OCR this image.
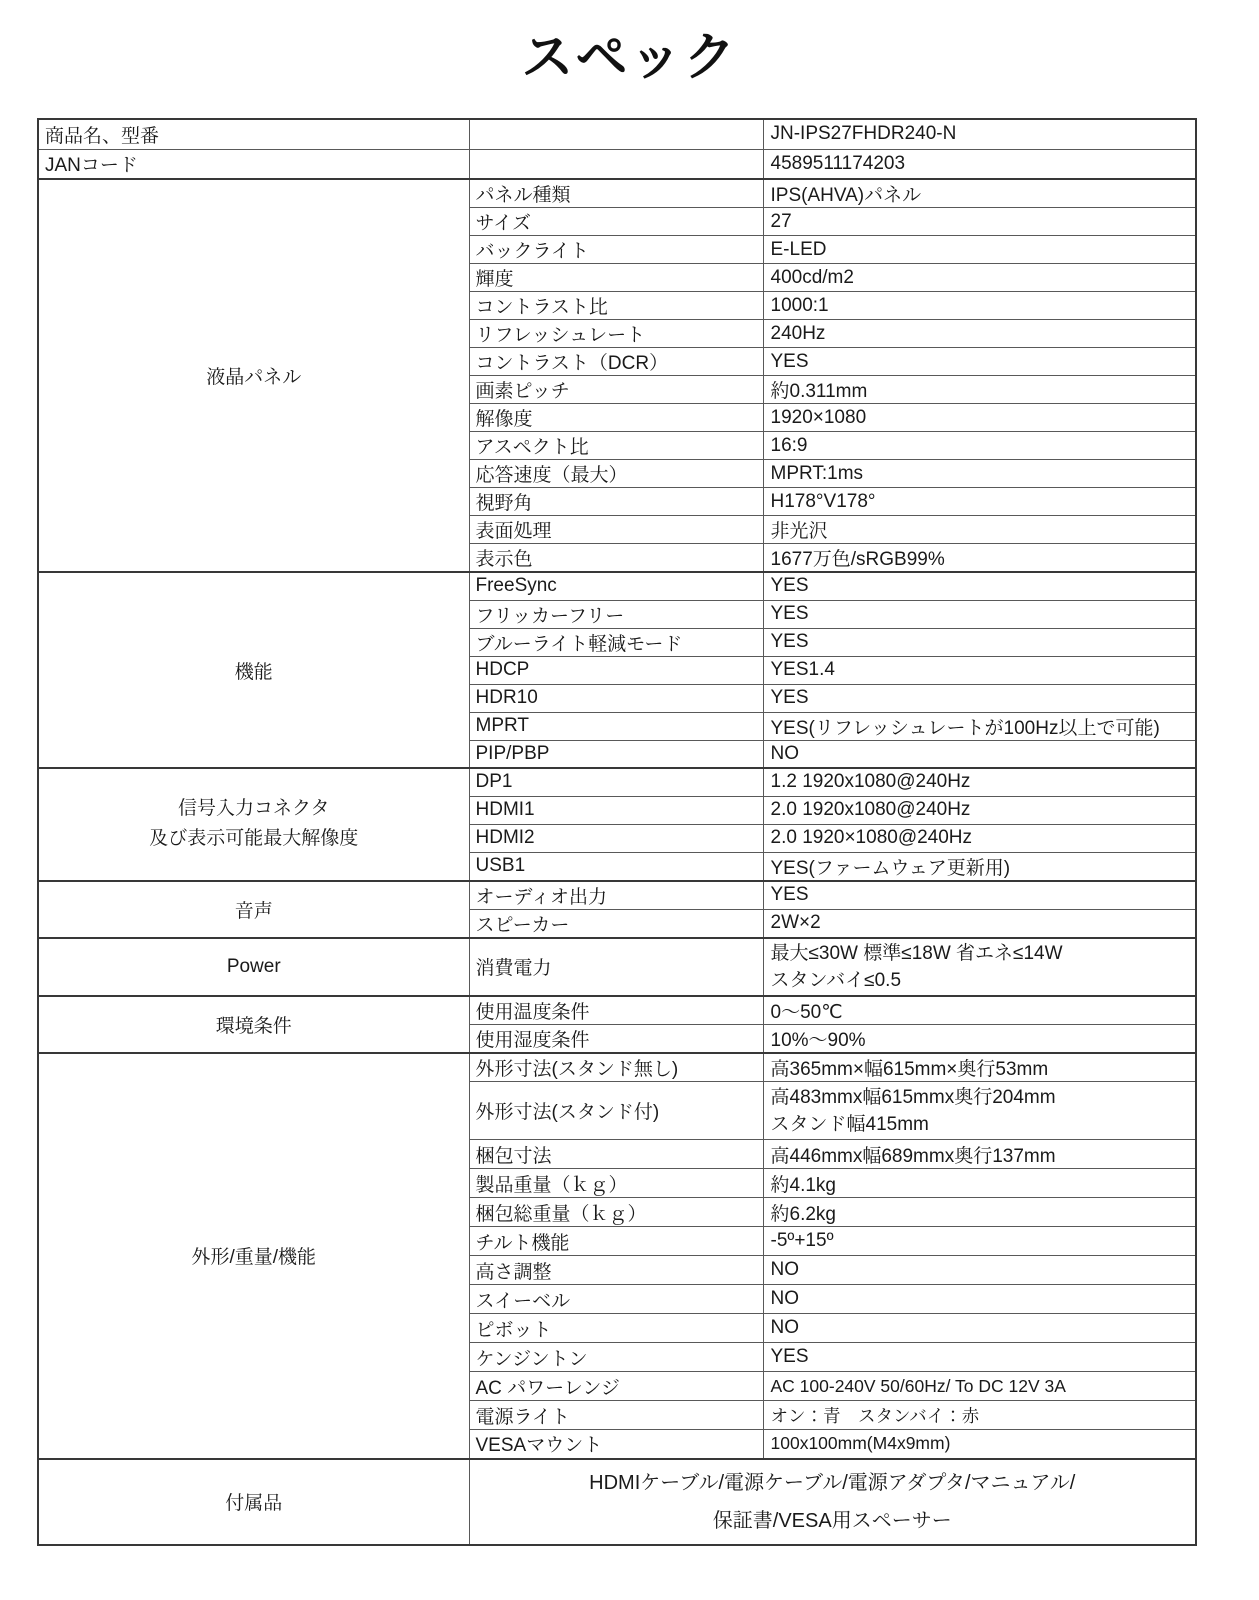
スペック
商品名、型番		JN-IPS27FHDR240-N
JANコード		4589511174203
液晶パネル	パネル種類	IPS(AHVA)パネル
	サイズ	27
	バックライト	E-LED
	輝度	400cd/m2
	コントラスト比	1000:1
	リフレッシュレート	240Hz
	コントラスト（DCR）	YES
	画素ピッチ	約0.311mm
	解像度	1920×1080
	アスペクト比	16:9
	応答速度（最大）	MPRT:1ms
	視野角	H178°V178°
	表面処理	非光沢
	表示色	1677万色/sRGB99%
機能	FreeSync	YES
	フリッカーフリー	YES
	ブルーライト軽減モード	YES
	HDCP	YES1.4
	HDR10	YES
	MPRT	YES(リフレッシュレートが100Hz以上で可能)
	PIP/PBP	NO

信号入力コネクタ
及び表示可能最大解像度	DP1	1.2 1920x1080@240Hz
	HDMI1	2.0 1920x1080@240Hz
	HDMI2	2.0 1920×1080@240Hz
	USB1	YES(ファームウェア更新用)
音声	オーディオ出力	YES
	スピーカー	2W×2
Power	消費電力	最大≤30W 標準≤18W 省エネ≤14W
スタンバイ≤0.5

環境条件	使用温度条件	0～50℃
	使用湿度条件	10%～90%
外形/重量/機能	外形寸法(スタンド無し)	高365mm×幅615mm×奥行53mm
	外形寸法(スタンド付)	高483mmx幅615mmx奥行204mm
スタンド幅415mm

	梱包寸法	高446mmx幅689mmx奥行137mm
	製品重量（ｋｇ）	約4.1kg
	梱包総重量（ｋｇ）	約6.2kg
	チルト機能	-5º+15º
	高さ調整	NO
	スイーベル	NO
	ピボット	NO
	ケンジントン	YES
	AC パワーレンジ	AC 100-240V 50/60Hz/ To DC 12V 3A
	電源ライト	オン：青　スタンバイ：赤
	VESAマウント	100x100mm(M4x9mm)
付属品	HDMIケーブル/電源ケーブル/電源アダプタ/マニュアル/
保証書/VESA用スペーサー	
